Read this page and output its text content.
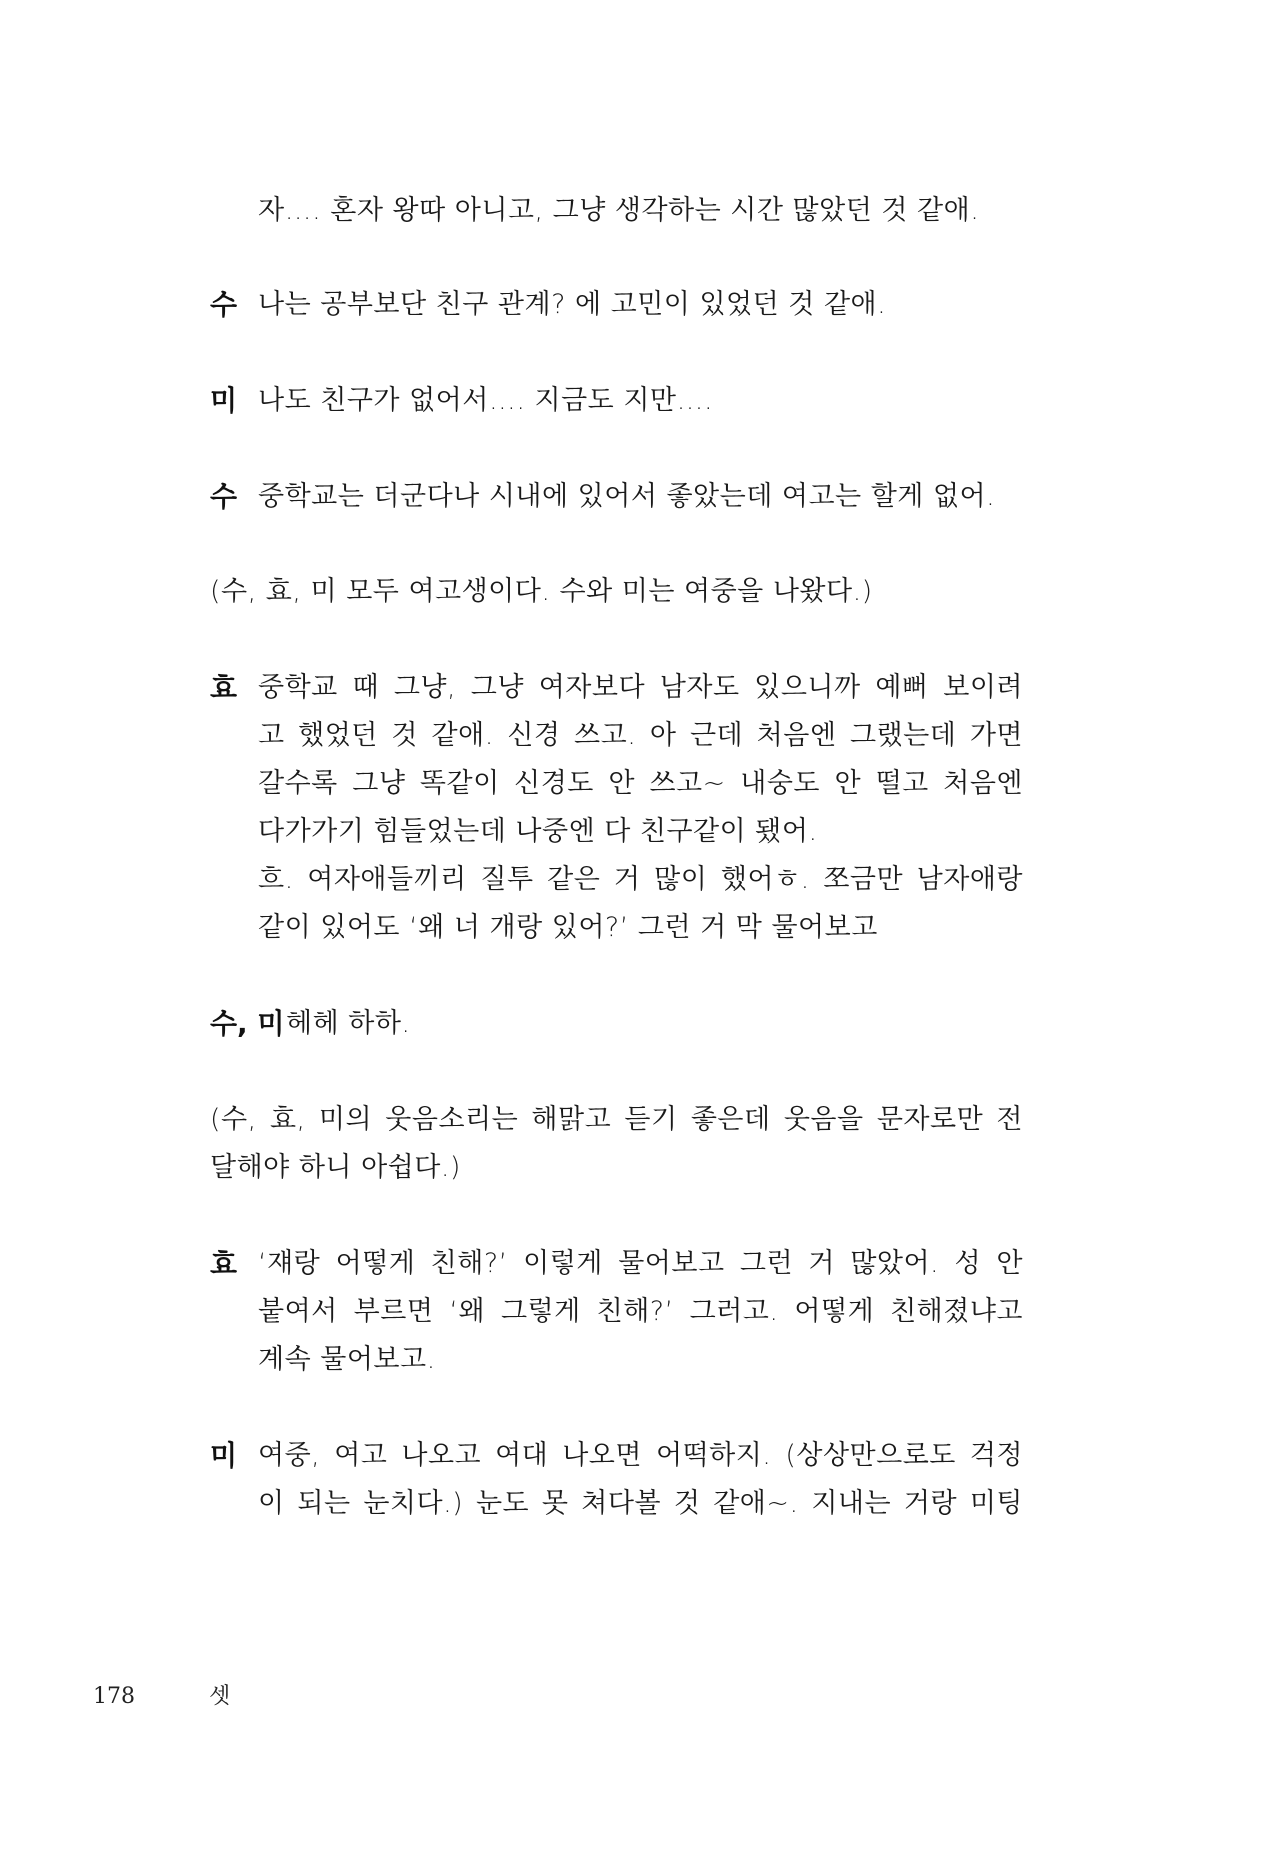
자…. 혼자 왕따 아니고, 그냥 생각하는 시간 많았던 것 같애.
수 나는 공부보단 친구 관계? 에 고민이 있었던 것 같애.
미 나도 친구가 없어서…. 지금도 지만….
수 중학교는 더군다나 시내에 있어서 좋았는데 여고는 할게 없어.
(수, 효, 미 모두 여고생이다. 수와 미는 여중을 나왔다.)
효 중학교 때 그냥, 그냥 여자보다 남자도 있으니까 예뻐 보이려
고 했었던 것 같애. 신경 쓰고. 아 근데 처음엔 그랬는데 가면
갈수록 그냥 똑같이 신경도 안 쓰고~ 내숭도 안 떨고 처음엔
다가가기 힘들었는데 나중엔 다 친구같이 됐어.
흐. 여자애들끼리 질투 같은 거 많이 했어ㅎ. 쪼금만 남자애랑
같이 있어도 ‘왜 너 개랑 있어?’ 그런 거 막 물어보고
수, 미 헤헤 하하.
(수, 효, 미의 웃음소리는 해맑고 듣기 좋은데 웃음을 문자로만 전
달해야 하니 아쉽다.)
효 ‘쟤랑 어떻게 친해?’ 이렇게 물어보고 그런 거 많았어. 성 안
붙여서 부르면 ‘왜 그렇게 친해?’ 그러고. 어떻게 친해졌냐고
계속 물어보고.
미 여중, 여고 나오고 여대 나오면 어떡하지. (상상만으로도 걱정
이 되는 눈치다.) 눈도 못 쳐다볼 것 같애~. 지내는 거랑 미팅
178	셋
